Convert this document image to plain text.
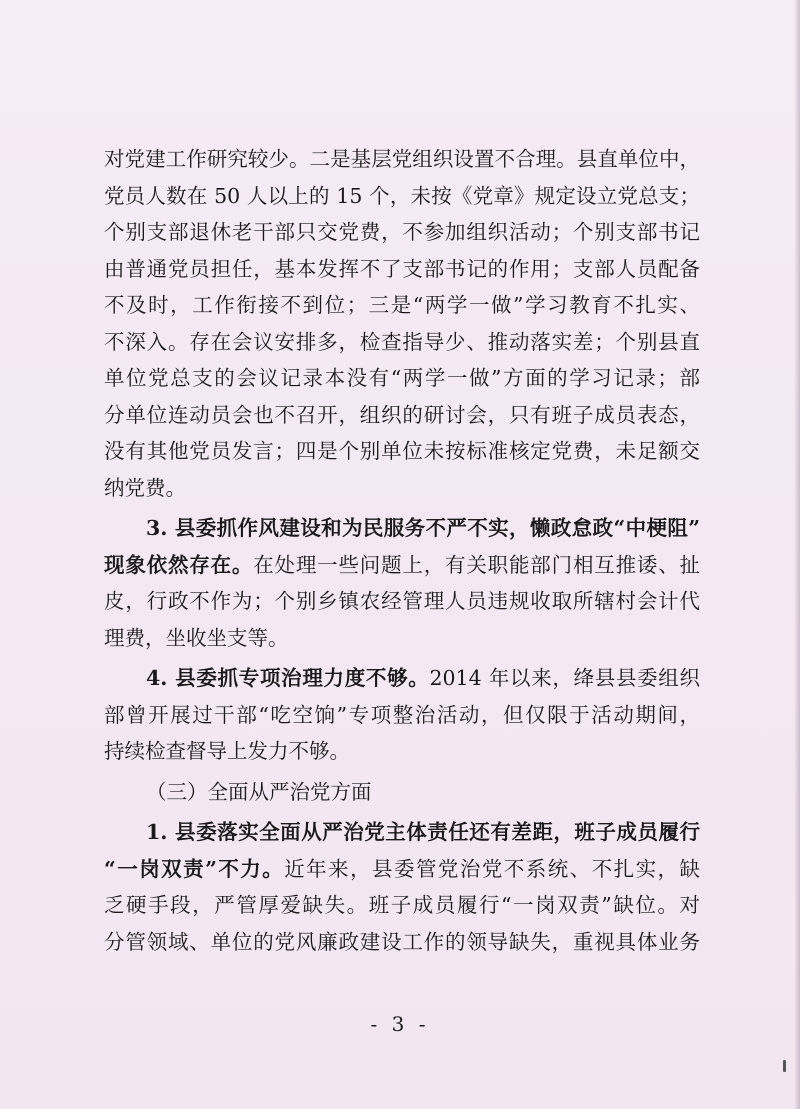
对党建工作研究较少。二是基层党组织设置不合理。县直单位中，
党员人数在 50 人以上的 15 个，未按《党章》规定设立党总支；
个别支部退休老干部只交党费，不参加组织活动；个别支部书记
由普通党员担任，基本发挥不了支部书记的作用；支部人员配备
不及时，工作衔接不到位；三是“两学一做”学习教育不扎实、
不深入。存在会议安排多，检查指导少、推动落实差；个别县直
单位党总支的会议记录本没有“两学一做”方面的学习记录；部
分单位连动员会也不召开，组织的研讨会，只有班子成员表态，
没有其他党员发言；四是个别单位未按标准核定党费，未足额交
纳党费。
3. 县委抓作风建设和为民服务不严不实，懒政怠政“中梗阻”
现象依然存在。在处理一些问题上，有关职能部门相互推诿、扯
皮，行政不作为；个别乡镇农经管理人员违规收取所辖村会计代
理费，坐收坐支等。
4. 县委抓专项治理力度不够。2014 年以来，绛县县委组织
部曾开展过干部“吃空饷”专项整治活动，但仅限于活动期间，
持续检查督导上发力不够。
（三）全面从严治党方面
1. 县委落实全面从严治党主体责任还有差距，班子成员履行
“一岗双责”不力。近年来，县委管党治党不系统、不扎实，缺
乏硬手段，严管厚爱缺失。班子成员履行“一岗双责”缺位。对
分管领域、单位的党风廉政建设工作的领导缺失，重视具体业务
- 3 -
